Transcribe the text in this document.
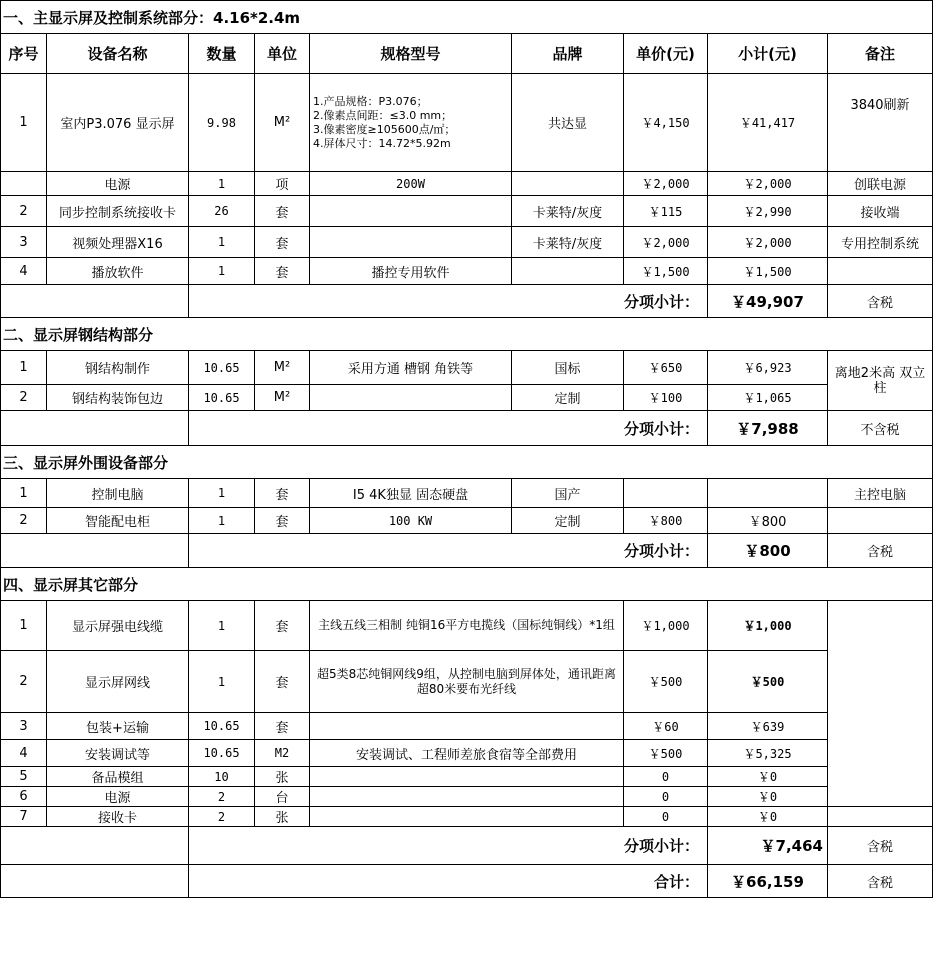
一、主显示屏及控制系统部分：4.16*2.4m								
序号	设备名称	数量	单位	规格型号	品牌	单价(元)	小计(元)	备注
1	室内P3.076 显示屏	9.98	M²	1.产品规格：P3.076；
2.像素点间距：≤3.0 mm；
3.像素密度≥105600点/㎡；
4.屏体尺寸：14.72*5.92m	共达显	￥4,150	￥41,417	3840刷新
	电源	1	项	200W		￥2,000	￥2,000	创联电源
2	同步控制系统接收卡	26	套		卡莱特/灰度	￥115	￥2,990	接收端
3	视频处理器X16	1	套		卡莱特/灰度	￥2,000	￥2,000	专用控制系统
4	播放软件	1	套	播控专用软件		￥1,500	￥1,500	
		分项小计：					￥49,907	含税
二、显示屏钢结构部分								
1	钢结构制作	10.65	M²	采用方通 槽钢 角铁等	国标	￥650	￥6,923	离地2米高 双立柱
2	钢结构装饰包边	10.65	M²		定制	￥100	￥1,065	
		分项小计：					￥7,988	不含税
三、显示屏外围设备部分								
1	控制电脑	1	套	I5 4K独显 固态硬盘	国产			主控电脑
2	智能配电柜	1	套	100 KW	定制	￥800	￥800	
		分项小计：					￥800	含税
四、显示屏其它部分								
1	显示屏强电线缆	1	套	主线五线三相制 纯铜16平方电揽线（国标纯铜线）*1组		￥1,000	￥1,000	
2	显示屏网线	1	套	超5类8芯纯铜网线9组，从控制电脑到屏体处，通讯距离超80米要布光纤线		￥500	￥500	
3	包装+运输	10.65	套			￥60	￥639	
4	安装调试等	10.65	M2	安装调试、工程师差旅食宿等全部费用		￥500	￥5,325	
5	备品模组	10	张			0	￥0	
6	电源	2	台			0	￥0	
7	接收卡	2	张			0	￥0	
		分项小计：					￥7,464	含税
		合计：					￥66,159	含税
